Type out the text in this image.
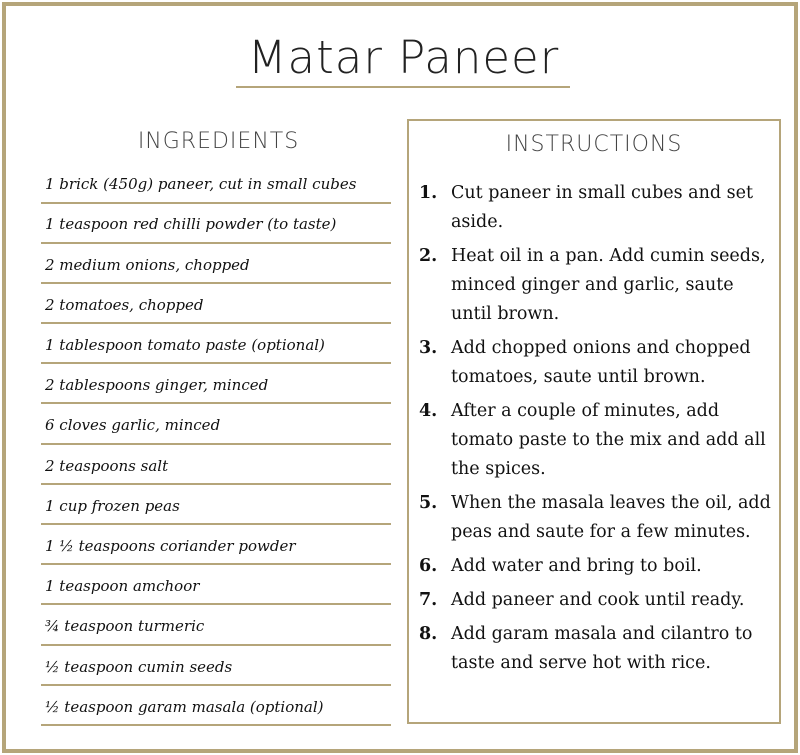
Matar Paneer
INGREDIENTS
1 brick (450g) paneer, cut in small cubes
1 teaspoon red chilli powder (to taste)
2 medium onions, chopped
2 tomatoes, chopped
1 tablespoon tomato paste (optional)
2 tablespoons ginger, minced
6 cloves garlic, minced
2 teaspoons salt
1 cup frozen peas
1 ½ teaspoons coriander powder
1 teaspoon amchoor
¾ teaspoon turmeric
½ teaspoon cumin seeds
½ teaspoon garam masala (optional)
INSTRUCTIONS
1. Cut paneer in small cubes and set aside.
2. Heat oil in a pan. Add cumin seeds, minced ginger and garlic, saute until brown.
3. Add chopped onions and chopped tomatoes, saute until brown.
4. After a couple of minutes, add tomato paste to the mix and add all the spices.
5. When the masala leaves the oil, add peas and saute for a few minutes.
6. Add water and bring to boil.
7. Add paneer and cook until ready.
8. Add garam masala and cilantro to taste and serve hot with rice.
